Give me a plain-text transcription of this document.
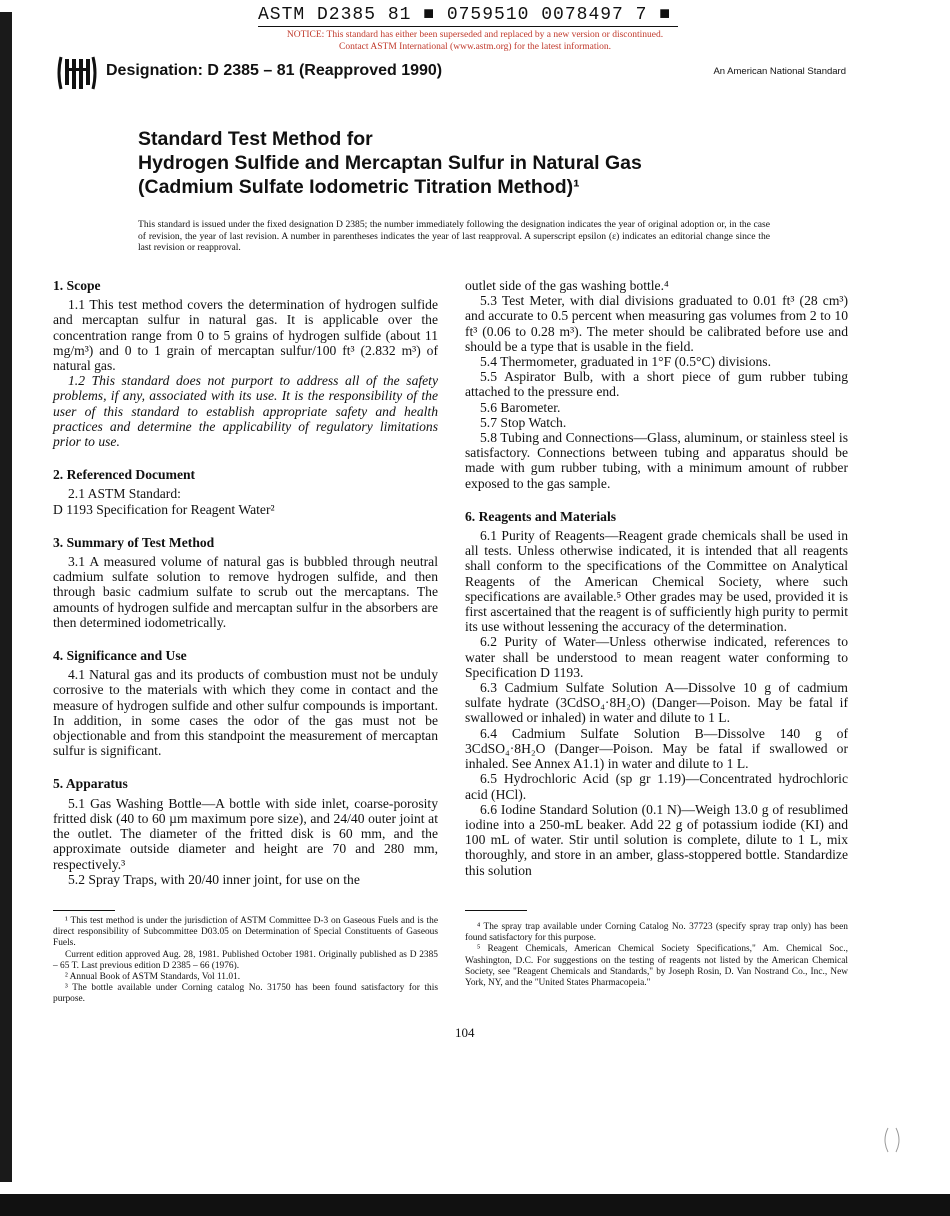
ASTM D2385 81 ■ 0759510 0078497 7 ■
NOTICE: This standard has either been superseded and replaced by a new version or discontinued.
Contact ASTM International (www.astm.org) for the latest information.
Designation: D 2385 – 81 (Reapproved 1990)	An American National Standard
Standard Test Method for
Hydrogen Sulfide and Mercaptan Sulfur in Natural Gas
(Cadmium Sulfate Iodometric Titration Method)¹
This standard is issued under the fixed designation D 2385; the number immediately following the designation indicates the year of original adoption or, in the case of revision, the year of last revision. A number in parentheses indicates the year of last reapproval. A superscript epsilon (ε) indicates an editorial change since the last revision or reapproval.
1. Scope

1.1 This test method covers the determination of hydrogen sulfide and mercaptan sulfur in natural gas. It is applicable over the concentration range from 0 to 5 grains of hydrogen sulfide (about 11 mg/m³) and 0 to 1 grain of mercaptan sulfur/100 ft³ (2.832 m³) of natural gas.

1.2 This standard does not purport to address all of the safety problems, if any, associated with its use. It is the responsibility of the user of this standard to establish appropriate safety and health practices and determine the applicability of regulatory limitations prior to use.

2. Referenced Document

2.1 ASTM Standard:

D 1193 Specification for Reagent Water²

3. Summary of Test Method

3.1 A measured volume of natural gas is bubbled through neutral cadmium sulfate solution to remove hydrogen sulfide, and then through basic cadmium sulfate to scrub out the mercaptans. The amounts of hydrogen sulfide and mercaptan sulfur in the absorbers are then determined iodometrically.

4. Significance and Use

4.1 Natural gas and its products of combustion must not be unduly corrosive to the materials with which they come in contact and the measure of hydrogen sulfide and other sulfur compounds is important. In addition, in some cases the odor of the gas must not be objectionable and from this standpoint the measurement of mercaptan sulfur is significant.

5. Apparatus

5.1 Gas Washing Bottle—A bottle with side inlet, coarse-porosity fritted disk (40 to 60 µm maximum pore size), and 24/40 outer joint at the outlet. The diameter of the fritted disk is 60 mm, and the approximate outside diameter and height are 70 and 280 mm, respectively.³

5.2 Spray Traps, with 20/40 inner joint, for use on the

outlet side of the gas washing bottle.⁴

5.3 Test Meter, with dial divisions graduated to 0.01 ft³ (28 cm³) and accurate to 0.5 percent when measuring gas volumes from 2 to 10 ft³ (0.06 to 0.28 m³). The meter should be calibrated before use and should be a type that is usable in the field.

5.4 Thermometer, graduated in 1°F (0.5°C) divisions.

5.5 Aspirator Bulb, with a short piece of gum rubber tubing attached to the pressure end.

5.6 Barometer.

5.7 Stop Watch.

5.8 Tubing and Connections—Glass, aluminum, or stainless steel is satisfactory. Connections between tubing and apparatus should be made with gum rubber tubing, with a minimum amount of rubber exposed to the gas sample.

6. Reagents and Materials

6.1 Purity of Reagents—Reagent grade chemicals shall be used in all tests. Unless otherwise indicated, it is intended that all reagents shall conform to the specifications of the Committee on Analytical Reagents of the American Chemical Society, where such specifications are available.⁵ Other grades may be used, provided it is first ascertained that the reagent is of sufficiently high purity to permit its use without lessening the accuracy of the determination.

6.2 Purity of Water—Unless otherwise indicated, references to water shall be understood to mean reagent water conforming to Specification D 1193.

6.3 Cadmium Sulfate Solution A—Dissolve 10 g of cadmium sulfate hydrate (3CdSO₄·8H₂O) (Danger—Poison. May be fatal if swallowed or inhaled) in water and dilute to 1 L.

6.4 Cadmium Sulfate Solution B—Dissolve 140 g of 3CdSO₄·8H₂O (Danger—Poison. May be fatal if swallowed or inhaled. See Annex A1.1) in water and dilute to 1 L.

6.5 Hydrochloric Acid (sp gr 1.19)—Concentrated hydrochloric acid (HCl).

6.6 Iodine Standard Solution (0.1 N)—Weigh 13.0 g of resublimed iodine into a 250-mL beaker. Add 22 g of potassium iodide (KI) and 100 mL of water. Stir until solution is complete, dilute to 1 L, mix thoroughly, and store in an amber, glass-stoppered bottle. Standardize this solution

¹ This test method is under the jurisdiction of ASTM Committee D-3 on Gaseous Fuels and is the direct responsibility of Subcommittee D03.05 on Determination of Special Constituents of Gaseous Fuels.

Current edition approved Aug. 28, 1981. Published October 1981. Originally published as D 2385 – 65 T. Last previous edition D 2385 – 66 (1976).

² Annual Book of ASTM Standards, Vol 11.01.

³ The bottle available under Corning catalog No. 31750 has been found satisfactory for this purpose.

⁴ The spray trap available under Corning Catalog No. 37723 (specify spray trap only) has been found satisfactory for this purpose.

⁵ Reagent Chemicals, American Chemical Society Specifications," Am. Chemical Soc., Washington, D.C. For suggestions on the testing of reagents not listed by the American Chemical Society, see "Reagent Chemicals and Standards," by Joseph Rosin, D. Van Nostrand Co., Inc., New York, NY, and the "United States Pharmacopeia."

104
